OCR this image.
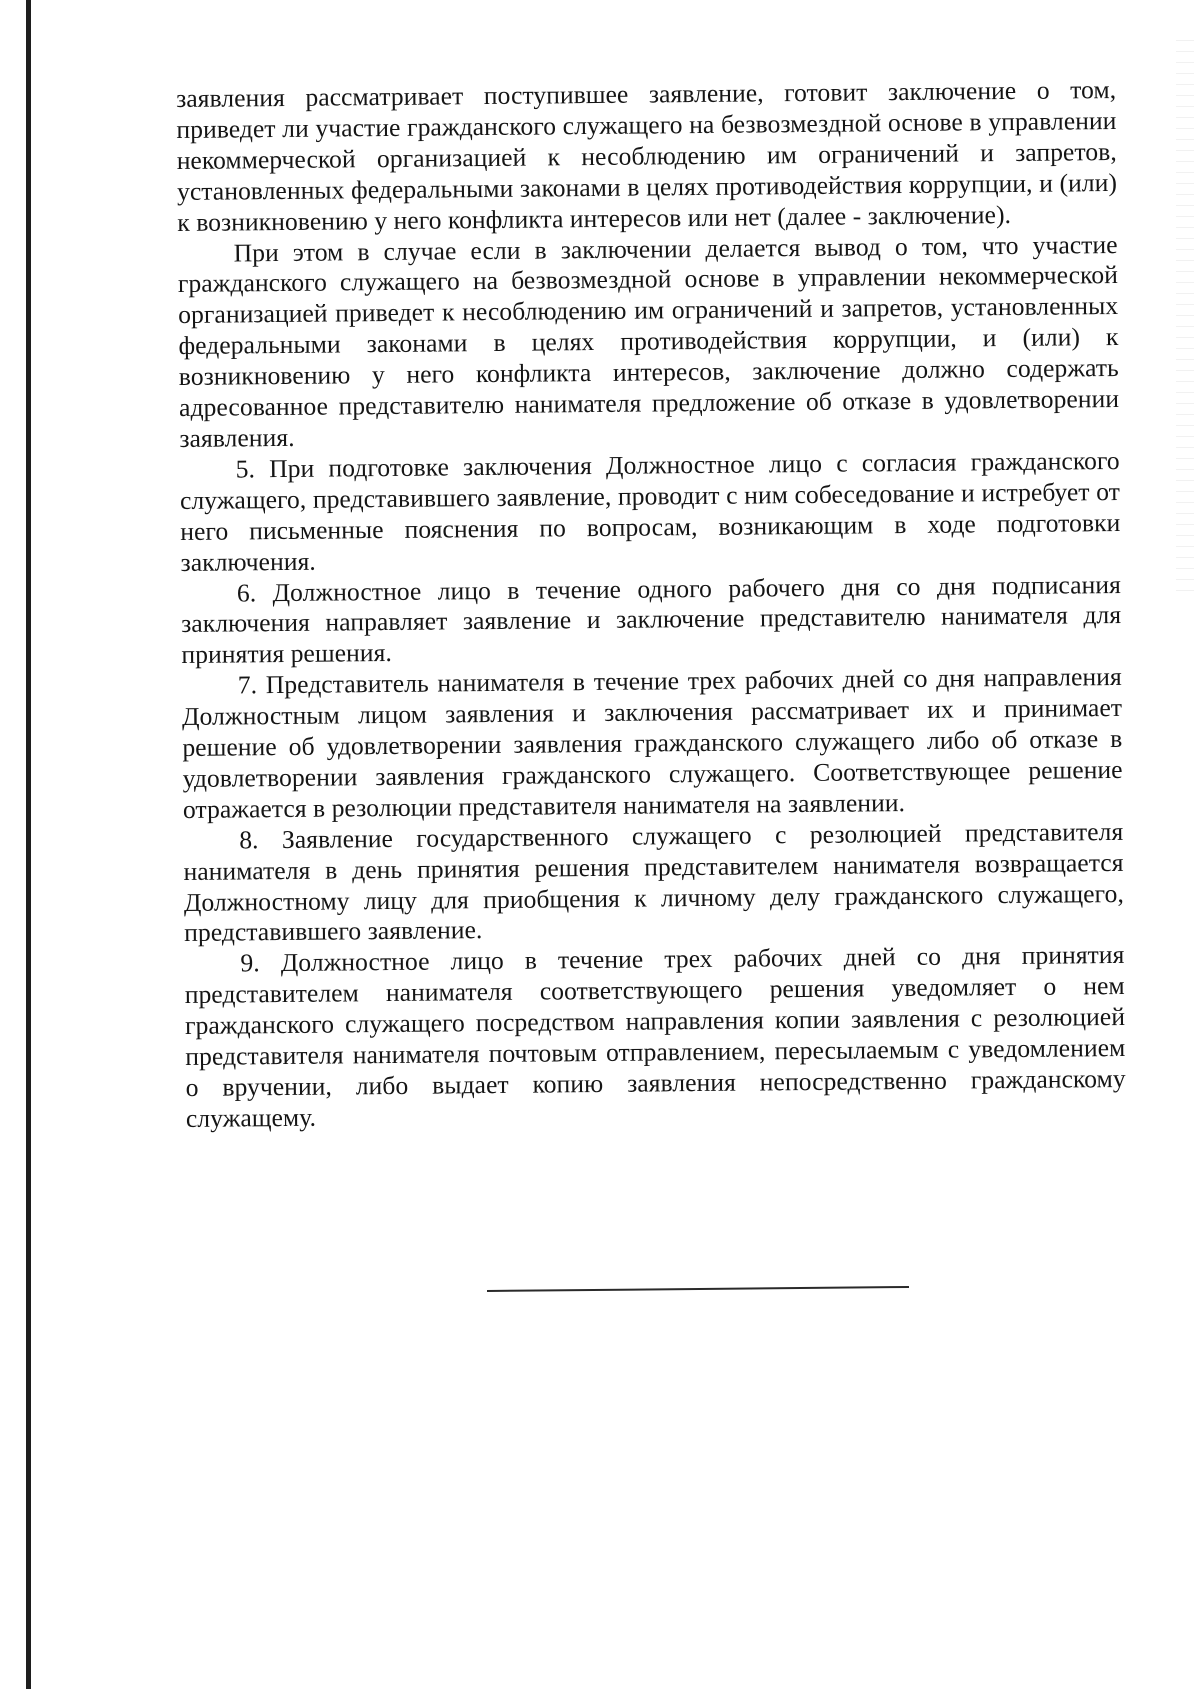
заявления рассматривает поступившее заявление, готовит заключение о том, приведет ли участие гражданского служащего на безвозмездной основе в управлении некоммерческой организацией к несоблюдению им ограничений и запретов, установленных федеральными законами в целях противодействия коррупции, и (или) к возникновению у него конфликта интересов или нет (далее - заключение).

При этом в случае если в заключении делается вывод о том, что участие гражданского служащего на безвозмездной основе в управлении некоммерческой организацией приведет к несоблюдению им ограничений и запретов, установленных федеральными законами в целях противодействия коррупции, и (или) к возникновению у него конфликта интересов, заключение должно содержать адресованное представителю нанимателя предложение об отказе в удовлетворении заявления.

5. При подготовке заключения Должностное лицо с согласия гражданского служащего, представившего заявление, проводит с ним собеседование и истребует от него письменные пояснения по вопросам, возникающим в ходе подготовки заключения.

6. Должностное лицо в течение одного рабочего дня со дня подписания заключения направляет заявление и заключение представителю нанимателя для принятия решения.

7. Представитель нанимателя в течение трех рабочих дней со дня направления Должностным лицом заявления и заключения рассматривает их и принимает решение об удовлетворении заявления гражданского служащего либо об отказе в удовлетворении заявления гражданского служащего. Соответствующее решение отражается в резолюции представителя нанимателя на заявлении.

8. Заявление государственного служащего с резолюцией представителя нанимателя в день принятия решения представителем нанимателя возвращается Должностному лицу для приобщения к личному делу гражданского служащего, представившего заявление.

9. Должностное лицо в течение трех рабочих дней со дня принятия представителем нанимателя соответствующего решения уведомляет о нем гражданского служащего посредством направления копии заявления с резолюцией представителя нанимателя почтовым отправлением, пересылаемым с уведомлением о вручении, либо выдает копию заявления непосредственно гражданскому служащему.
